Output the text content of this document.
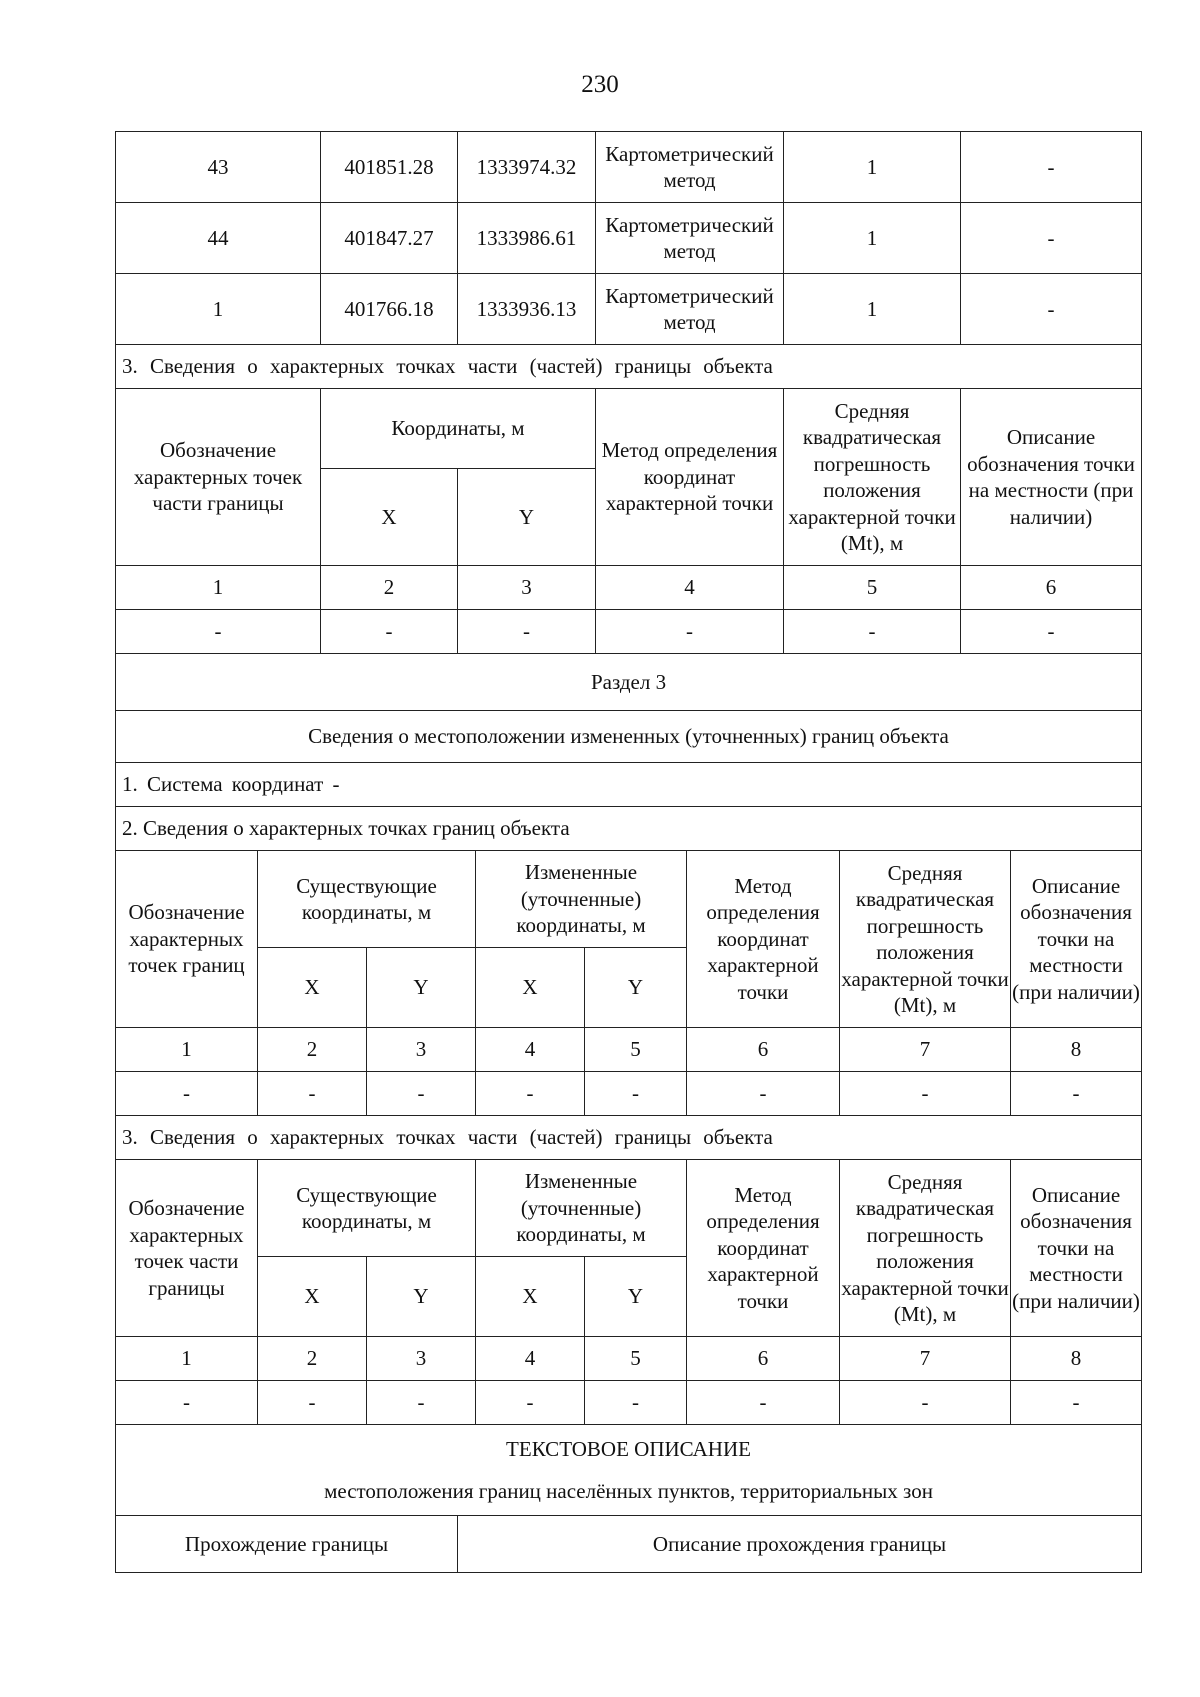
230
43	401851.28	1333974.32	Картометрический метод	1	-
44	401847.27	1333986.61	Картометрический метод	1	-
1	401766.18	1333936.13	Картометрический метод	1	-
3. Сведения о характерных точках части (частей) границы объекта					
Обозначение характерных точек части границы	Координаты, м		Метод определения координат характерной точки	Средняя квадратическая погрешность положения характерной точки (Mt), м	Описание обозначения точки на местности (при наличии)
	X	Y			
1	2	3	4	5	6
-	-	-	-	-	-
Раздел 3							
Сведения о местоположении измененных (уточненных) границ объекта							
1. Система координат -							
2. Сведения о характерных точках границ объекта							
Обозначение характерных точек границ	Существующие координаты, м		Измененные (уточненные) координаты, м		Метод определения координат характерной точки	Средняя квадратическая погрешность положения характерной точки (Mt), м	Описание обозначения точки на местности (при наличии)
	X	Y	X	Y			
1	2	3	4	5	6	7	8
-	-	-	-	-	-	-	-
3. Сведения о характерных точках части (частей) границы объекта							
Обозначение характерных точек части границы	Существующие координаты, м		Измененные (уточненные) координаты, м		Метод определения координат характерной точки	Средняя квадратическая погрешность положения характерной точки (Mt), м	Описание обозначения точки на местности (при наличии)
	X	Y	X	Y			
1	2	3	4	5	6	7	8
-	-	-	-	-	-	-	-
ТЕКСТОВОЕ ОПИСАНИЕ
местоположения границ населённых пунктов, территориальных зон

Прохождение границы	Описание прохождения границы
